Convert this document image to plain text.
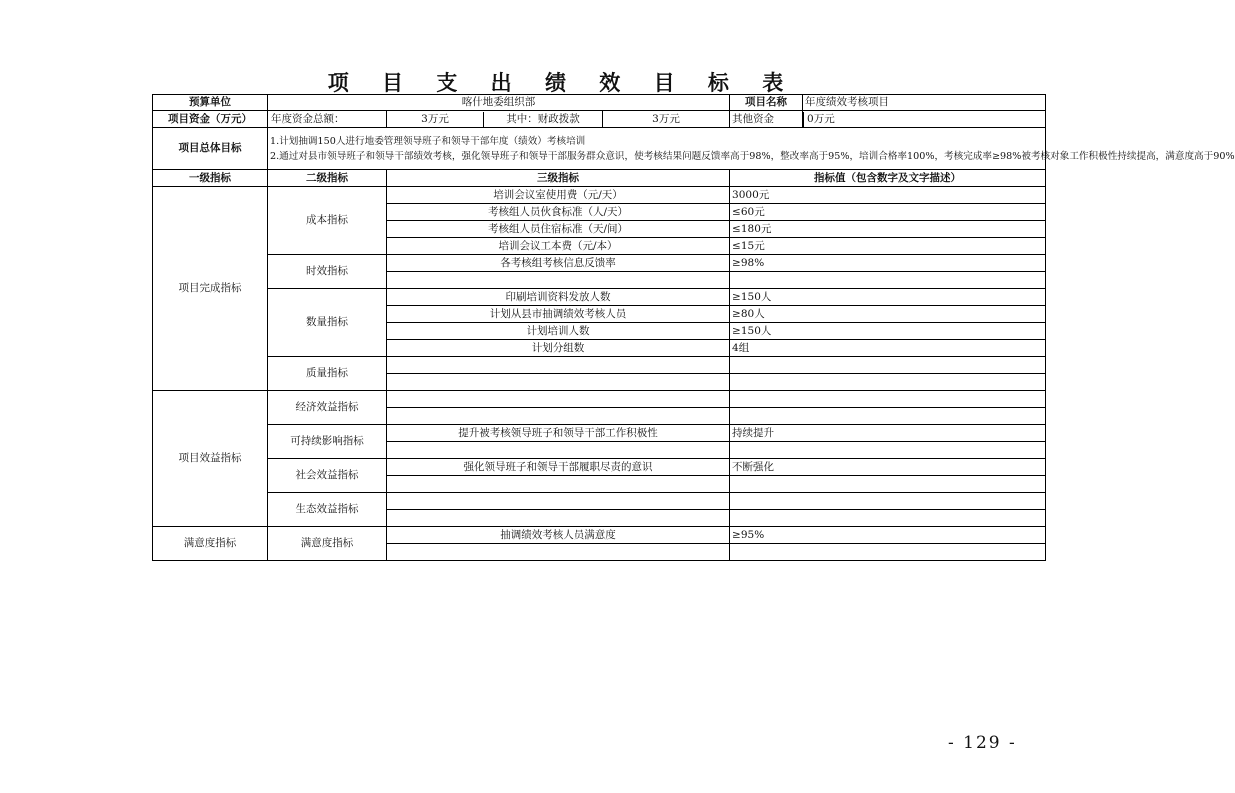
项 目 支 出 绩 效 目 标 表
预算单位	喀什地委组织部			项目名称	年度绩效考核项目
项目资金（万元）	年度资金总额：	3万元 其中：财政拨款	3万元	其他资金	0万元

项目总体目标	1.计划抽调150人进行地委管理领导班子和领导干部年度（绩效）考核培训
2.通过对县市领导班子和领导干部绩效考核，强化领导班子和领导干部服务群众意识，使考核结果问题反馈率高于98%，整改率高于95%，培训合格率100%，考核完成率≥98%被考核对象工作积极性持续提高，满意度高于90%				

一级指标	二级指标	三级指标		指标值（包含数字及文字描述）	
项目完成指标	成本指标	培训会议室使用费（元/天）		3000元	
		考核组人员伙食标准（人/天）		≤60元	
		考核组人员住宿标准（天/间）		≤180元	
		培训会议工本费（元/本）		≤15元	
	时效指标	各考核组考核信息反馈率		≥98%	

	数量指标	印刷培训资料发放人数		≥150人	
		计划从县市抽调绩效考核人员		≥80人	
		计划培训人数		≥150人	
		计划分组数		4组	
	质量指标				

项目效益指标	经济效益指标				

	可持续影响指标	提升被考核领导班子和领导干部工作积极性		持续提升	

	社会效益指标	强化领导班子和领导干部履职尽责的意识		不断强化	

	生态效益指标				

满意度指标	满意度指标	抽调绩效考核人员满意度		≥95%	

- 129 -
